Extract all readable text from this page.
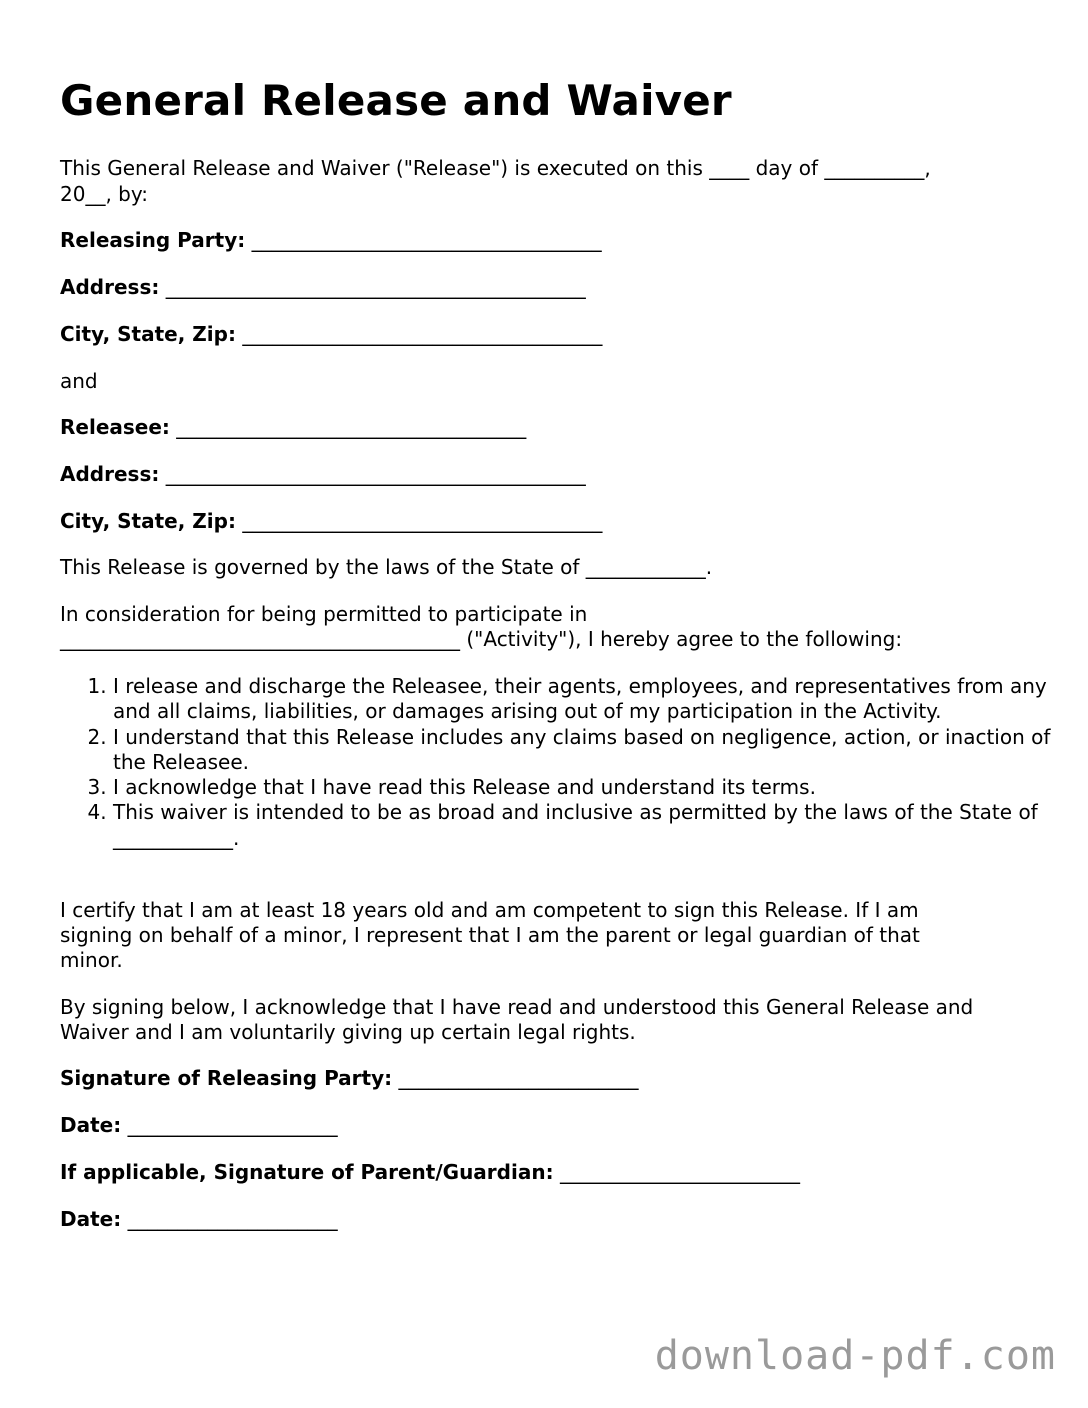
General Release and Waiver
This General Release and Waiver ("Release") is executed on this ____ day of __________,
20__, by:
Releasing Party: ___________________________________
Address: __________________________________________
City, State, Zip: ____________________________________
and
Releasee: ___________________________________
Address: __________________________________________
City, State, Zip: ____________________________________
This Release is governed by the laws of the State of ____________.
In consideration for being permitted to participate in
________________________________________ ("Activity"), I hereby agree to the following:
1. I release and discharge the Releasee, their agents, employees, and representatives from any and all claims, liabilities, or damages arising out of my participation in the Activity.
2. I understand that this Release includes any claims based on negligence, action, or inaction of the Releasee.
3. I acknowledge that I have read this Release and understand its terms.
4. This waiver is intended to be as broad and inclusive as permitted by the laws of the State of ____________.
I certify that I am at least 18 years old and am competent to sign this Release. If I am
signing on behalf of a minor, I represent that I am the parent or legal guardian of that
minor.
By signing below, I acknowledge that I have read and understood this General Release and
Waiver and I am voluntarily giving up certain legal rights.
Signature of Releasing Party: ________________________
Date: _____________________
If applicable, Signature of Parent/Guardian: ________________________
Date: _____________________
download-pdf.com
